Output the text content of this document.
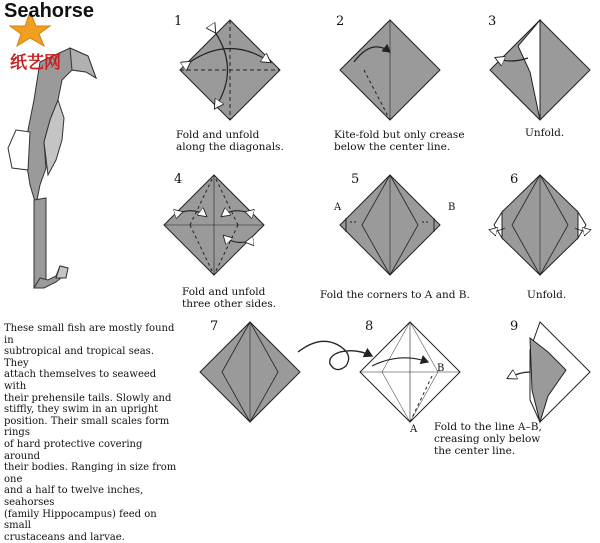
Seahorse
纸艺网
1	2	3
4	5	6
7	8	9
Fold and unfold
along the diagonals.
Kite-fold but only crease
below the center line.
Unfold.
Fold and unfold
three other sides.
Fold the corners to A and B.	Unfold.
Fold to the line A–B,
creasing only below
the center line.
A	B
B
A
These small fish are mostly found in
subtropical and tropical seas. They
attach themselves to seaweed with
their prehensile tails. Slowly and
stiffly, they swim in an upright
position. Their small scales form rings
of hard protective covering around
their bodies. Ranging in size from one
and a half to twelve inches, seahorses
(family Hippocampus) feed on small
crustaceans and larvae.
